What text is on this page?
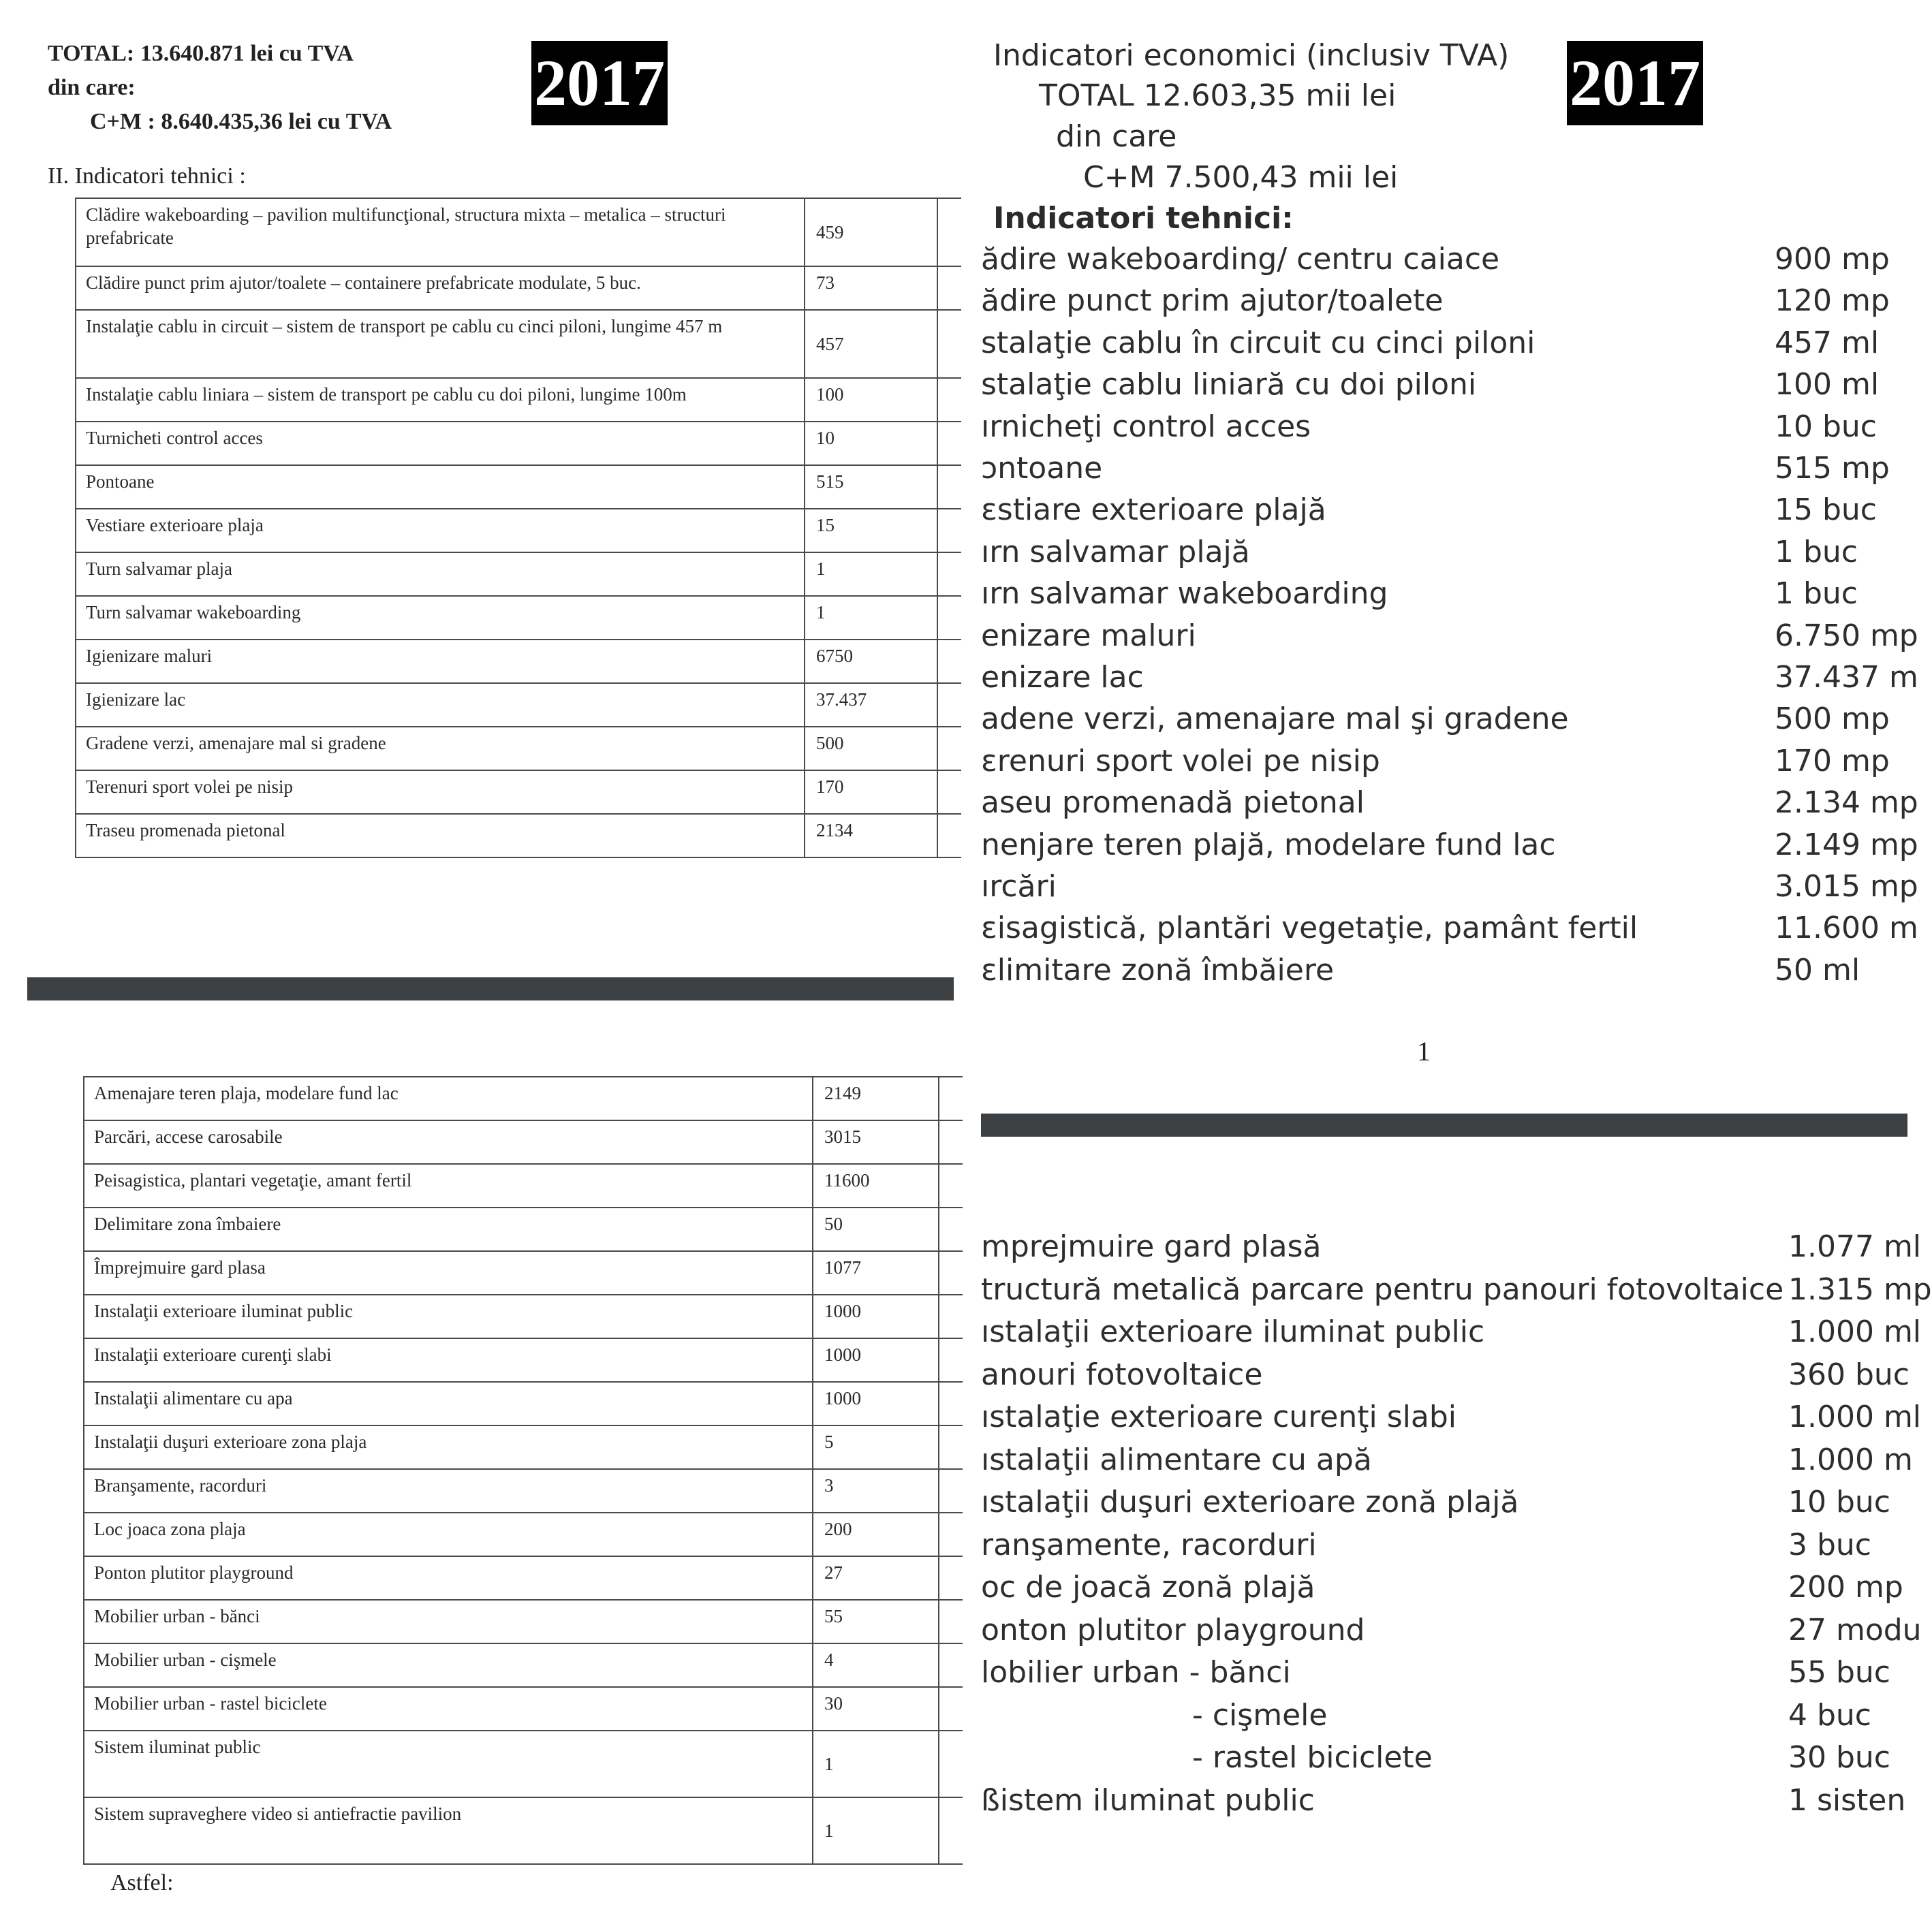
TOTAL: 13.640.871 lei cu TVA
din care:
C+M : 8.640.435,36 lei cu TVA
2017
II. Indicatori tehnici :
Clădire wakeboarding – pavilion multifuncţional, structura mixta – metalica – structuri prefabricate	459	
Clădire punct prim ajutor/toalete – containere prefabricate modulate, 5 buc.	73	
Instalaţie cablu in circuit – sistem de transport pe cablu cu cinci piloni, lungime 457 m	457	
Instalaţie cablu liniara – sistem de transport pe cablu cu doi piloni, lungime 100m	100	
Turnicheti control acces	10	
Pontoane	515	
Vestiare exterioare plaja	15	
Turn salvamar plaja	1	
Turn salvamar wakeboarding	1	
Igienizare maluri	6750	
Igienizare lac	37.437	
Gradene verzi, amenajare mal si gradene	500	
Terenuri sport volei pe nisip	170	
Traseu promenada pietonal	2134	
Amenajare teren plaja, modelare fund lac	2149	
Parcări, accese carosabile	3015	
Peisagistica, plantari vegetaţie, amant fertil	11600	
Delimitare zona îmbaiere	50	
Împrejmuire gard plasa	1077	
Instalaţii exterioare iluminat public	1000	
Instalaţii exterioare curenţi slabi	1000	
Instalaţii alimentare cu apa	1000	
Instalaţii duşuri exterioare zona plaja	5	
Branşamente, racorduri	3	
Loc joaca zona plaja	200	
Ponton plutitor playground	27	
Mobilier urban - bănci	55	
Mobilier urban - cişmele	4	
Mobilier urban - rastel biciclete	30	
Sistem iluminat public	1	
Sistem supraveghere video si antiefractie pavilion	1	
Astfel:
Indicatori economici (inclusiv TVA)
TOTAL 12.603,35 mii lei
din care
C+M 7.500,43 mii lei
2017
Indicatori tehnici:
ădire wakeboarding/ centru caiace	900 mp
ădire punct prim ajutor/toalete	120 mp
stalaţie cablu în circuit cu cinci piloni	457 ml
stalaţie cablu liniară cu doi piloni	100 ml
ırnicheţi control acces	10 buc
ɔntoane	515 mp
ɛstiare exterioare plajă	15 buc
ırn salvamar plajă	1 buc
ırn salvamar wakeboarding	1 buc
enizare maluri	6.750 mp
enizare lac	37.437 m
adene verzi, amenajare mal şi gradene	500 mp
ɛrenuri sport volei pe nisip	170 mp
aseu promenadă pietonal	2.134 mp
nenjare teren plajă, modelare fund lac	2.149 mp
ırcări	3.015 mp
ɛisagistică, plantări vegetaţie, pamânt fertil	11.600 m
ɛlimitare zonă îmbăiere	50 ml
1
mprejmuire gard plasă	1.077 ml
tructură metalică parcare pentru panouri fotovoltaice 1.315 mp
ıstalaţii exterioare iluminat public	1.000 ml
anouri fotovoltaice	360 buc
ıstalaţie exterioare curenţi slabi	1.000 ml
ıstalaţii alimentare cu apă	1.000 m
ıstalaţii duşuri exterioare zonă plajă	10 buc
ranşamente, racorduri	3 buc
oc de joacă zonă plajă	200 mp
onton plutitor playground	27 modu
lobilier urban - bănci	55 buc
- cişmele	4 buc
- rastel biciclete	30 buc
ßistem iluminat public	1 sisten
